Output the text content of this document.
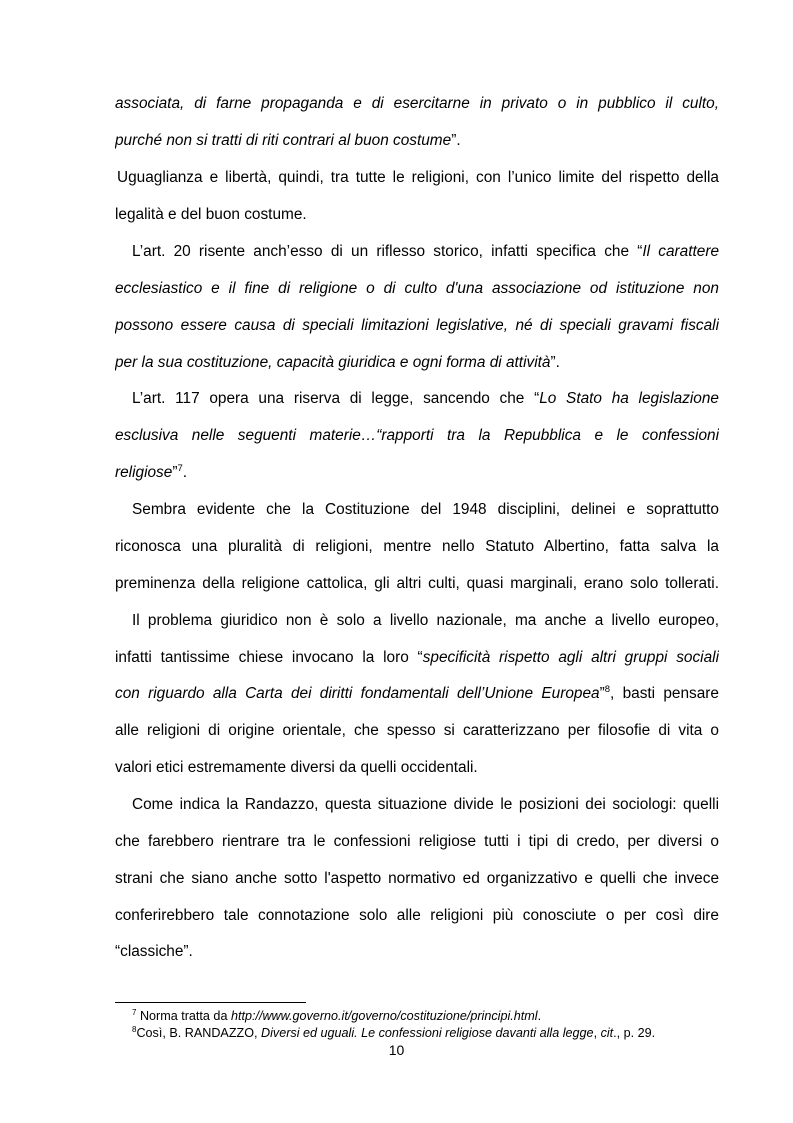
associata, di farne propaganda e di esercitarne in privato o in pubblico il culto,
purché non si tratti di riti contrari al buon costume”.
Uguaglianza e libertà, quindi, tra tutte le religioni, con l’unico limite del rispetto della
legalità e del buon costume.
L’art. 20 risente anch’esso di un riflesso storico, infatti specifica che “Il carattere
ecclesiastico e il fine di religione o di culto d'una associazione od istituzione non
possono essere causa di speciali limitazioni legislative, né di speciali gravami fiscali
per la sua costituzione, capacità giuridica e ogni forma di attività”.
L’art. 117 opera una riserva di legge, sancendo che “Lo Stato ha legislazione
esclusiva nelle seguenti materie…“rapporti tra la Repubblica e le confessioni
religiose”$^7$.
Sembra evidente che la Costituzione del 1948 disciplini, delinei e soprattutto
riconosca una pluralità di religioni, mentre nello Statuto Albertino, fatta salva la
preminenza della religione cattolica, gli altri culti, quasi marginali, erano solo tollerati.
Il problema giuridico non è solo a livello nazionale, ma anche a livello europeo,
infatti tantissime chiese invocano la loro “specificità rispetto agli altri gruppi sociali
con riguardo alla Carta dei diritti fondamentali dell’Unione Europea”$^8$, basti pensare
alle religioni di origine orientale, che spesso si caratterizzano per filosofie di vita o
valori etici estremamente diversi da quelli occidentali.
Come indica la Randazzo, questa situazione divide le posizioni dei sociologi: quelli
che farebbero rientrare tra le confessioni religiose tutti i tipi di credo, per diversi o
strani che siano anche sotto l'aspetto normativo ed organizzativo e quelli che invece
conferirebbero tale connotazione solo alle religioni più conosciute o per così dire
“classiche”.
$^7$ Norma tratta da http://www.governo.it/governo/costituzione/principi.html.
$^8$Così, B. RANDAZZO, Diversi ed uguali. Le confessioni religiose davanti alla legge, cit., p. 29.
10
